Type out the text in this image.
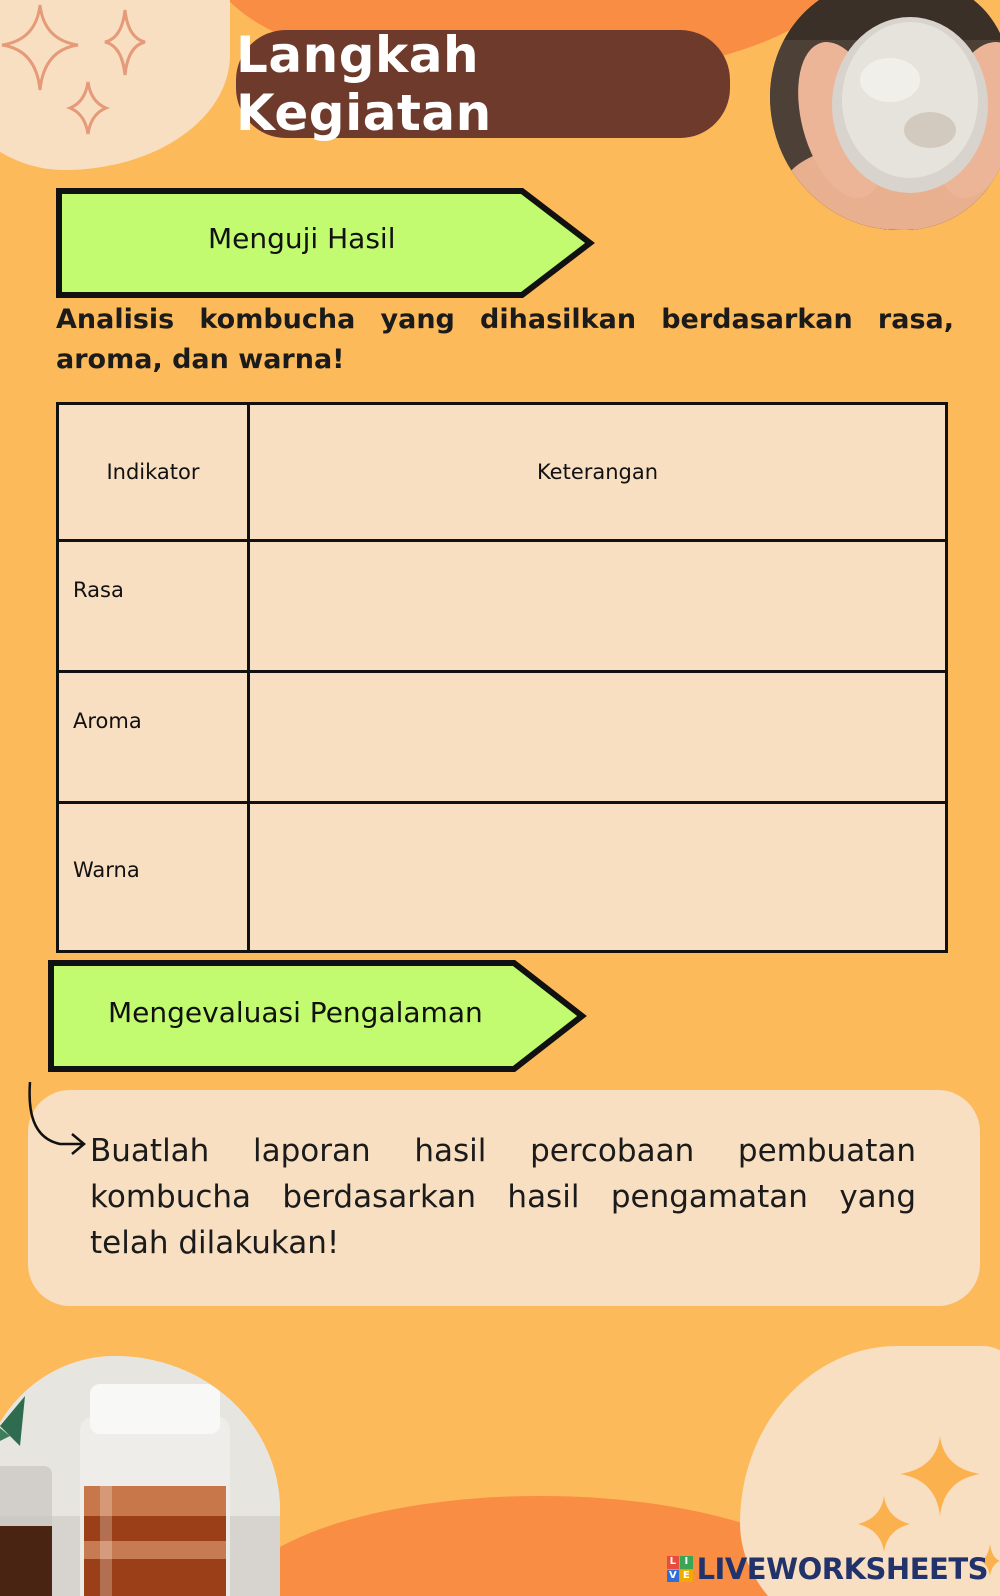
Langkah Kegiatan
Menguji Hasil
Analisis kombucha yang dihasilkan berdasarkan rasa, aroma, dan warna!
Indikator	Keterangan
Rasa	
Aroma	
Warna	
Mengevaluasi Pengalaman
Buatlah laporan hasil percobaan pembuatan
kombucha berdasarkan hasil pengamatan yang telah dilakukan!
L I
V E LIVEWORKSHEETS
